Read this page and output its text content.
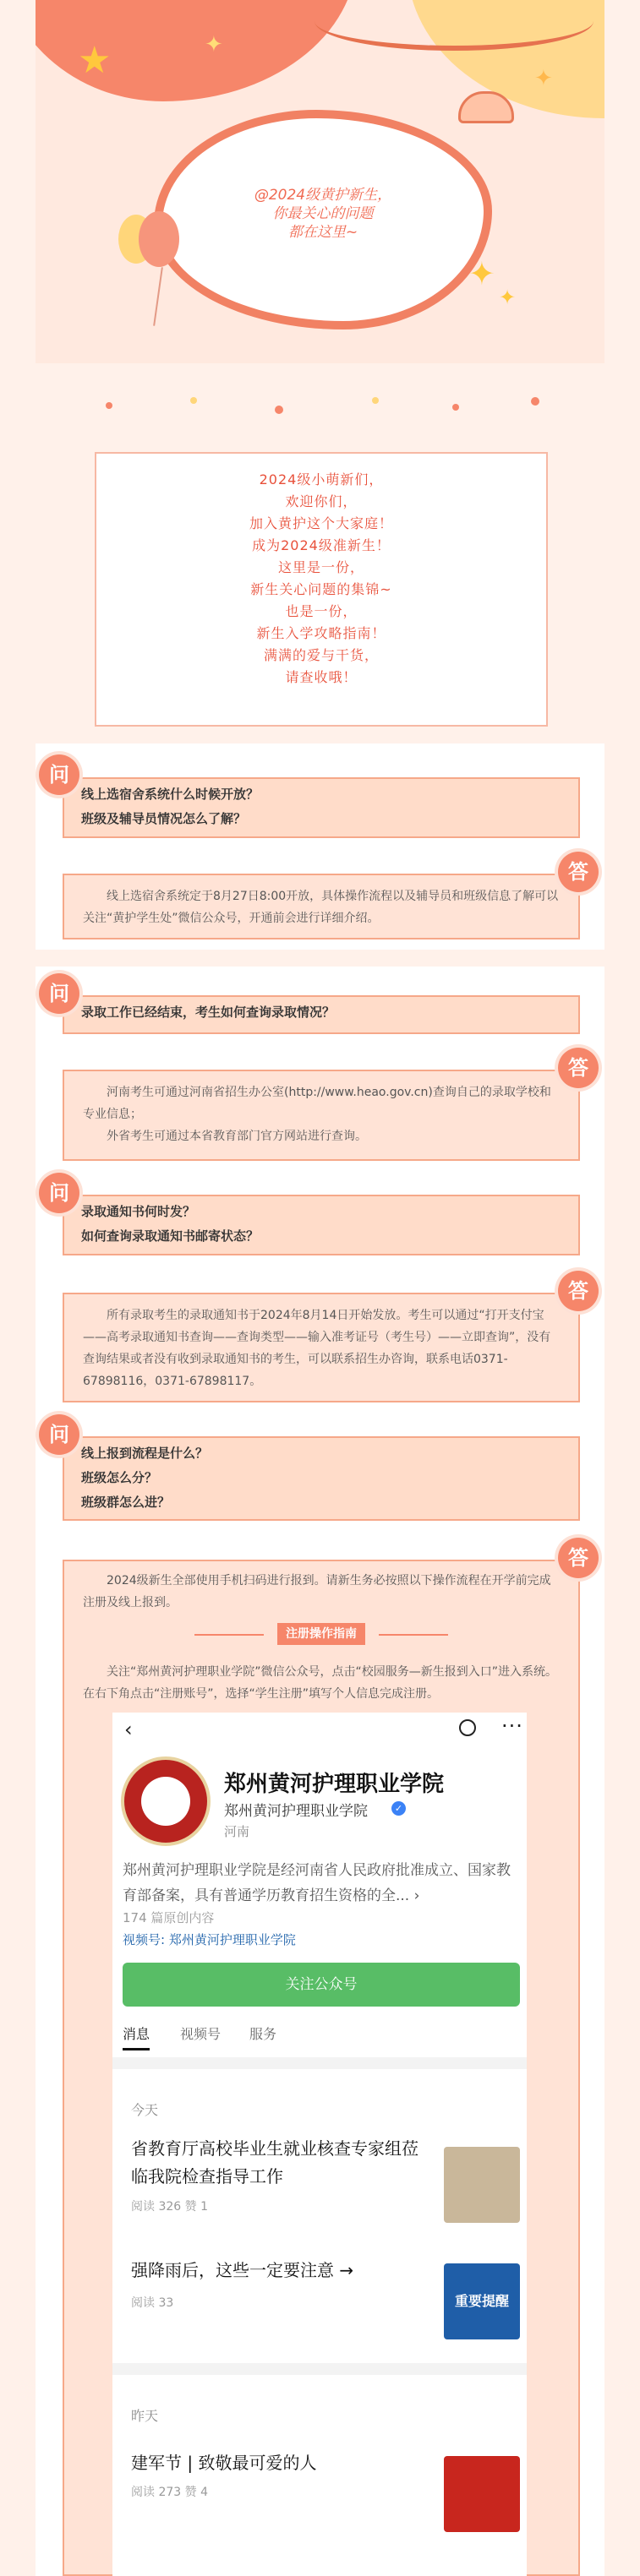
★	✦
✦
✦
✦
@2024级黄护新生，
你最关心的问题
都在这里~
2024级小萌新们，
欢迎你们，
加入黄护这个大家庭！
成为2024级准新生！
这里是一份，
新生关心问题的集锦~
也是一份，
新生入学攻略指南！
满满的爱与干货，
请查收哦！
线上选宿舍系统什么时候开放？
班级及辅导员情况怎么了解？
问

线上选宿舍系统定于8月27日8:00开放，具体操作流程以及辅导员和班级信息了解可以关注“黄护学生处”微信公众号，开通前会进行详细介绍。

答
录取工作已经结束，考生如何查询录取情况？
问

河南考生可通过河南省招生办公室(http://www.heao.gov.cn)查询自己的录取学校和专业信息；

外省考生可通过本省教育部门官方网站进行查询。

答
录取通知书何时发？
如何查询录取通知书邮寄状态？
问

所有录取考生的录取通知书于2024年8月14日开始发放。考生可以通过“打开支付宝——高考录取通知书查询——查询类型——输入准考证号（考生号）——立即查询”，没有查询结果或者没有收到录取通知书的考生，可以联系招生办咨询，联系电话0371-67898116，0371-67898117。

答
线上报到流程是什么？
班级怎么分？
班级群怎么进？
问

2024级新生全部使用手机扫码进行报到。请新生务必按照以下操作流程在开学前完成注册及线上报到。

关注“郑州黄河护理职业学院”微信公众号，点击“校园服务—新生报到入口”进入系统。在右下角点击“注册账号”，选择“学生注册”填写个人信息完成注册。

答
注册操作指南
‹	···
郑州黄河护理职业学院
郑州黄河护理职业学院	✓
河南
郑州黄河护理职业学院是经河南省人民政府批准成立、国家教育部备案，具有普通学历教育招生资格的全... ›
174 篇原创内容
视频号: 郑州黄河护理职业学院
关注公众号
消息 视频号 服务
今天
省教育厅高校毕业生就业核查专家组莅临我院检查指导工作
阅读 326 赞 1
强降雨后，这些一定要注意 →
阅读 33	重要提醒
昨天
建军节 | 致敬最可爱的人
阅读 273 赞 4
